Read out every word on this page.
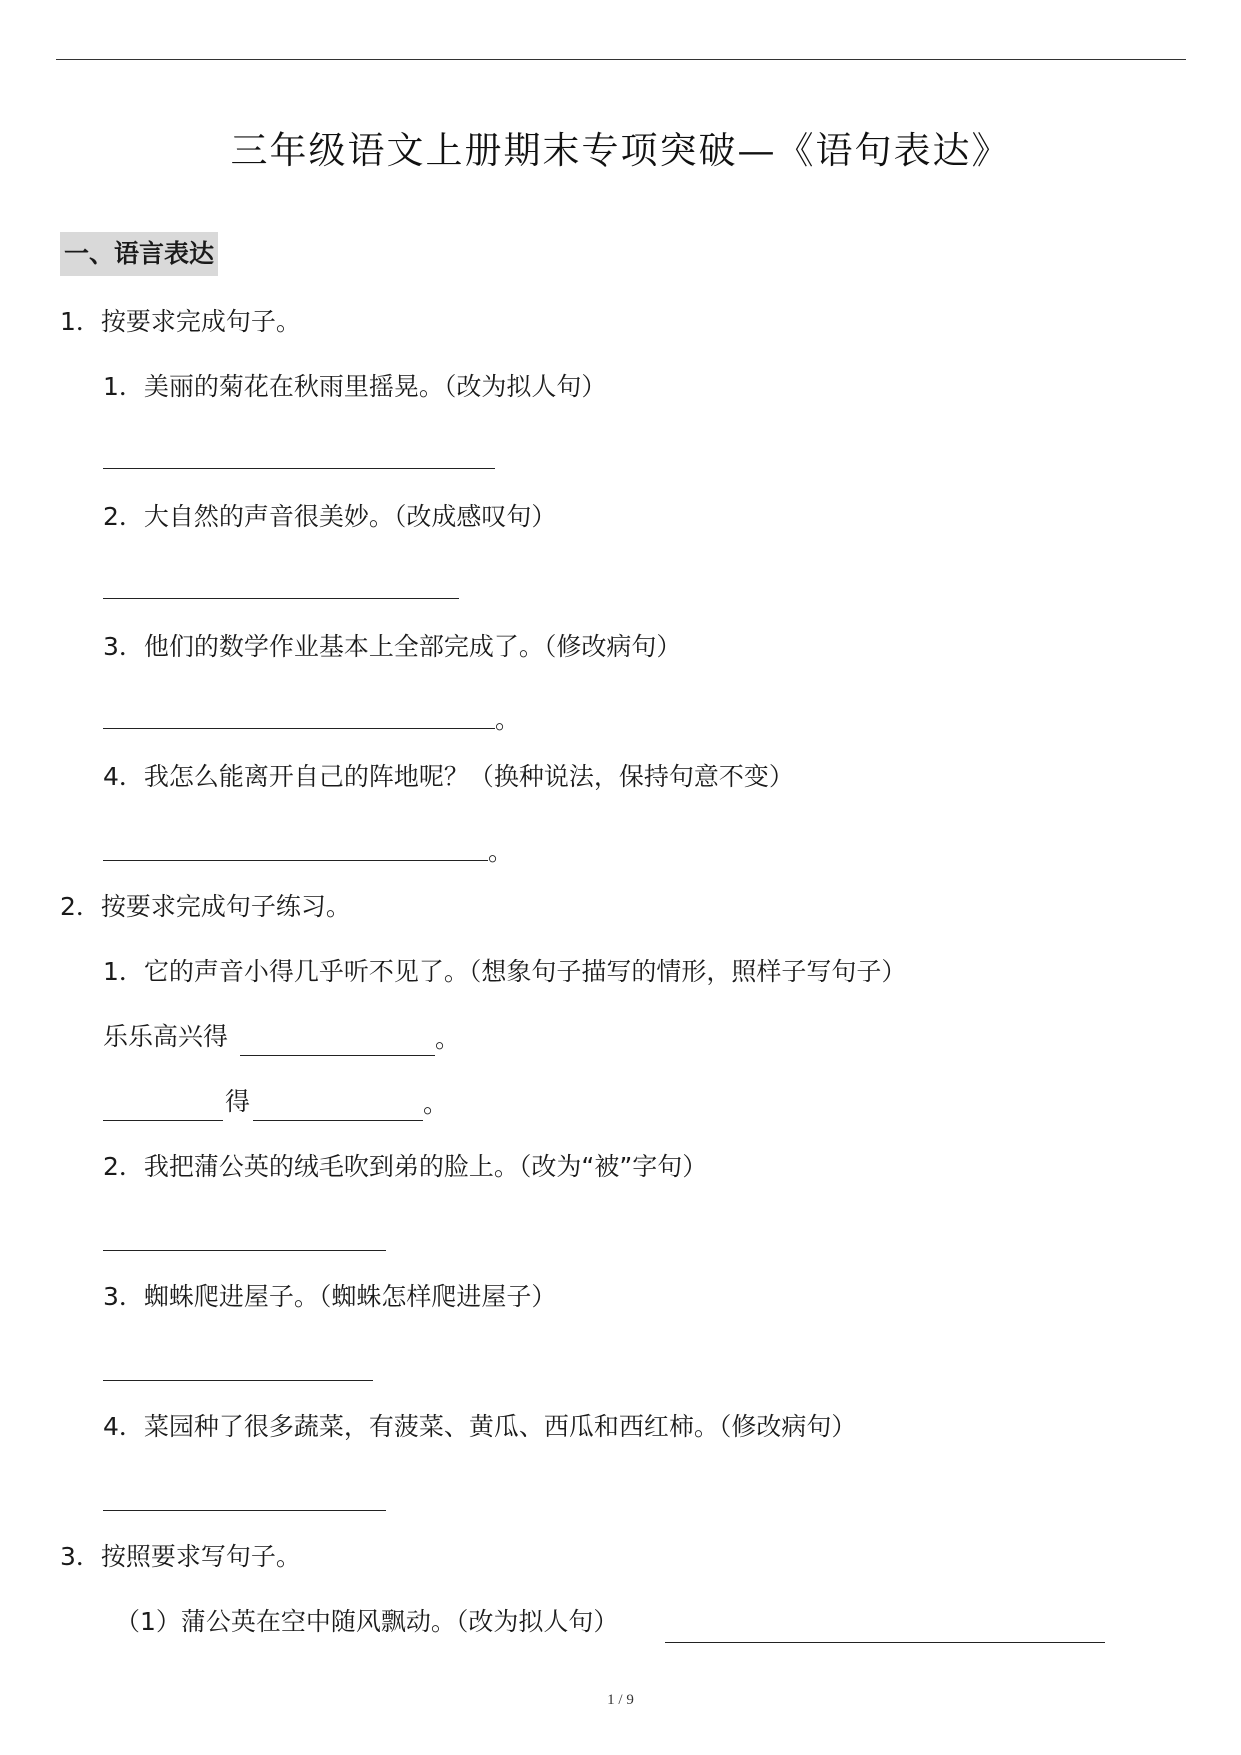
三年级语文上册期末专项突破—《语句表达》
一、语言表达
1．按要求完成句子。
1．美丽的菊花在秋雨里摇晃。（改为拟人句）
2．大自然的声音很美妙。（改成感叹句）
3．他们的数学作业基本上全部完成了。（修改病句）
。
4．我怎么能离开自己的阵地呢？（换种说法，保持句意不变）
。
2．按要求完成句子练习。
1．它的声音小得几乎听不见了。（想象句子描写的情形，照样子写句子）
乐乐高兴得	。
得	。
2．我把蒲公英的绒毛吹到弟的脸上。（改为“被”字句）
3．蜘蛛爬进屋子。（蜘蛛怎样爬进屋子）
4．菜园种了很多蔬菜，有菠菜、黄瓜、西瓜和西红柿。（修改病句）
3．按照要求写句子。
（1）蒲公英在空中随风飘动。（改为拟人句）
1 / 9
